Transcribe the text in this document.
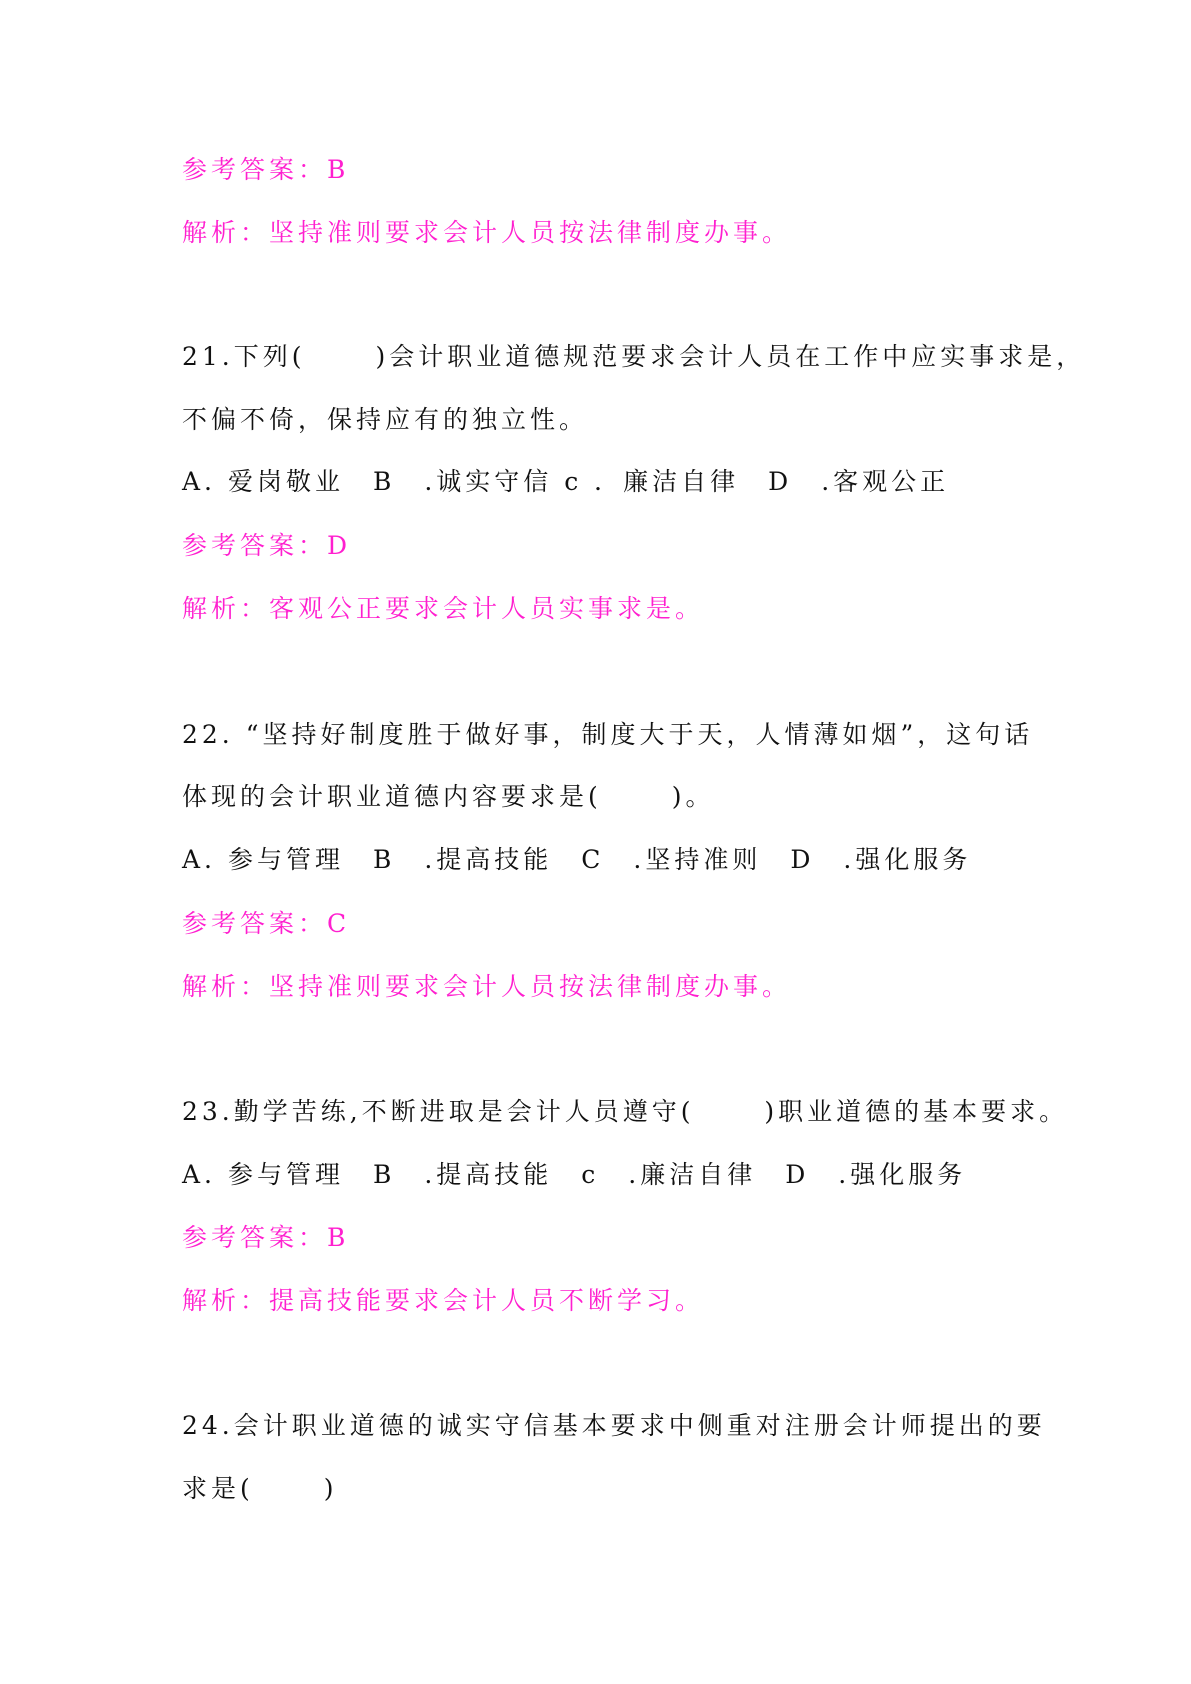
参考答案：B
解析：坚持准则要求会计人员按法律制度办事。
21.下列(　 　)会计职业道德规范要求会计人员在工作中应实事求是，
不偏不倚，保持应有的独立性。
A. 爱岗敬业　B　.诚实守信 c ．廉洁自律　D　.客观公正
参考答案：D
解析：客观公正要求会计人员实事求是。
22. “坚持好制度胜于做好事，制度大于天，人情薄如烟”，这句话
体现的会计职业道德内容要求是(　 　)。
A. 参与管理　B　.提高技能　C　.坚持准则　D　.强化服务
参考答案：C
解析：坚持准则要求会计人员按法律制度办事。
23.勤学苦练,不断进取是会计人员遵守(　 　)职业道德的基本要求。
A. 参与管理　B　.提高技能　c　.廉洁自律　D　.强化服务
参考答案：B
解析：提高技能要求会计人员不断学习。
24.会计职业道德的诚实守信基本要求中侧重对注册会计师提出的要
求是(　 　)
